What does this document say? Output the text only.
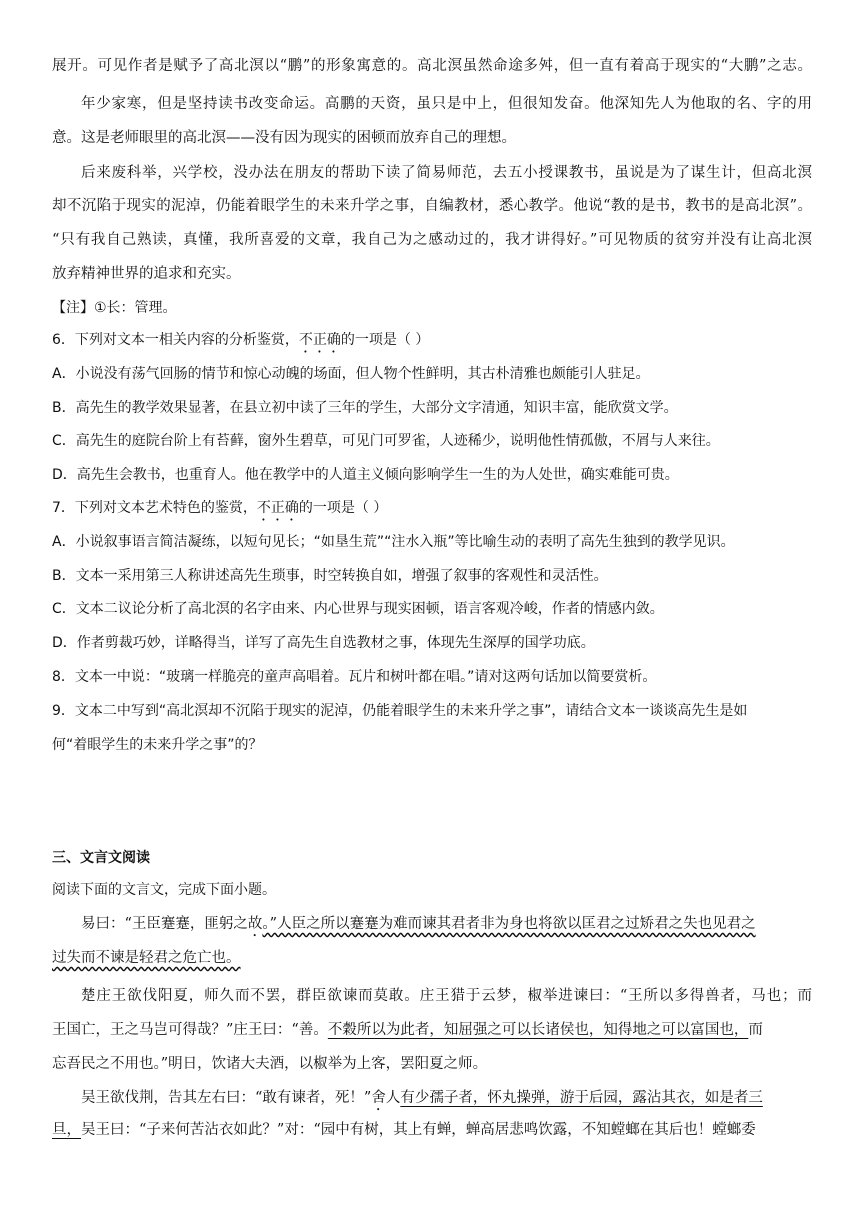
展开。可见作者是赋予了高北溟以“鹏”的形象寓意的。高北溟虽然命途多舛，但一直有着高于现实的“大鹏”之志。
年少家寒，但是坚持读书改变命运。高鹏的天资，虽只是中上，但很知发奋。他深知先人为他取的名、字的用
意。这是老师眼里的高北溟——没有因为现实的困顿而放弃自己的理想。
后来废科举，兴学校，没办法在朋友的帮助下读了简易师范，去五小授课教书，虽说是为了谋生计，但高北溟
却不沉陷于现实的泥淖，仍能着眼学生的未来升学之事，自编教材，悉心教学。他说“教的是书，教书的是高北溟”。
“只有我自己熟读，真懂，我所喜爱的文章，我自己为之感动过的，我才讲得好。”可见物质的贫穷并没有让高北溟
放弃精神世界的追求和充实。
【注】①长：管理。
6．下列对文本一相关内容的分析鉴赏，不正确的一项是（ ）
A．小说没有荡气回肠的情节和惊心动魄的场面，但人物个性鲜明，其古朴清雅也颇能引人驻足。
B．高先生的教学效果显著，在县立初中读了三年的学生，大部分文字清通，知识丰富，能欣赏文学。
C．高先生的庭院台阶上有苔藓，窗外生碧草，可见门可罗雀，人迹稀少，说明他性情孤傲，不屑与人来往。
D．高先生会教书，也重育人。他在教学中的人道主义倾向影响学生一生的为人处世，确实难能可贵。
7．下列对文本艺术特色的鉴赏，不正确的一项是（ ）
A．小说叙事语言简洁凝练，以短句见长；“如垦生荒”“注水入瓶”等比喻生动的表明了高先生独到的教学见识。
B．文本一采用第三人称讲述高先生琐事，时空转换自如，增强了叙事的客观性和灵活性。
C．文本二议论分析了高北溟的名字由来、内心世界与现实困顿，语言客观冷峻，作者的情感内敛。
D．作者剪裁巧妙，详略得当，详写了高先生自选教材之事，体现先生深厚的国学功底。
8．文本一中说：“玻璃一样脆亮的童声高唱着。瓦片和树叶都在唱。”请对这两句话加以简要赏析。
9．文本二中写到“高北溟却不沉陷于现实的泥淖，仍能着眼学生的未来升学之事”，请结合文本一谈谈高先生是如
何“着眼学生的未来升学之事”的？
三、文言文阅读
阅读下面的文言文，完成下面小题。
易曰：“王臣蹇蹇，匪躬之故。”人臣之所以蹇蹇为难而谏其君者非为身也将欲以匡君之过矫君之失也见君之
过失而不谏是轻君之危亡也。
楚庄王欲伐阳夏，师久而不罢，群臣欲谏而莫敢。庄王猎于云梦，椒举进谏曰：“王所以多得兽者，马也；而
王国亡，王之马岂可得哉？”庄王曰：“善。不穀所以为此者，知屈强之可以长诸侯也，知得地之可以富国也，而
忘吾民之不用也。”明日，饮诸大夫酒，以椒举为上客，罢阳夏之师。
吴王欲伐荆，告其左右曰：“敢有谏者，死！”舍人有少孺子者，怀丸操弹，游于后园，露沾其衣，如是者三
旦，吴王曰：“子来何苦沾衣如此？”对：“园中有树，其上有蝉，蝉高居悲鸣饮露，不知螳螂在其后也！螳螂委
